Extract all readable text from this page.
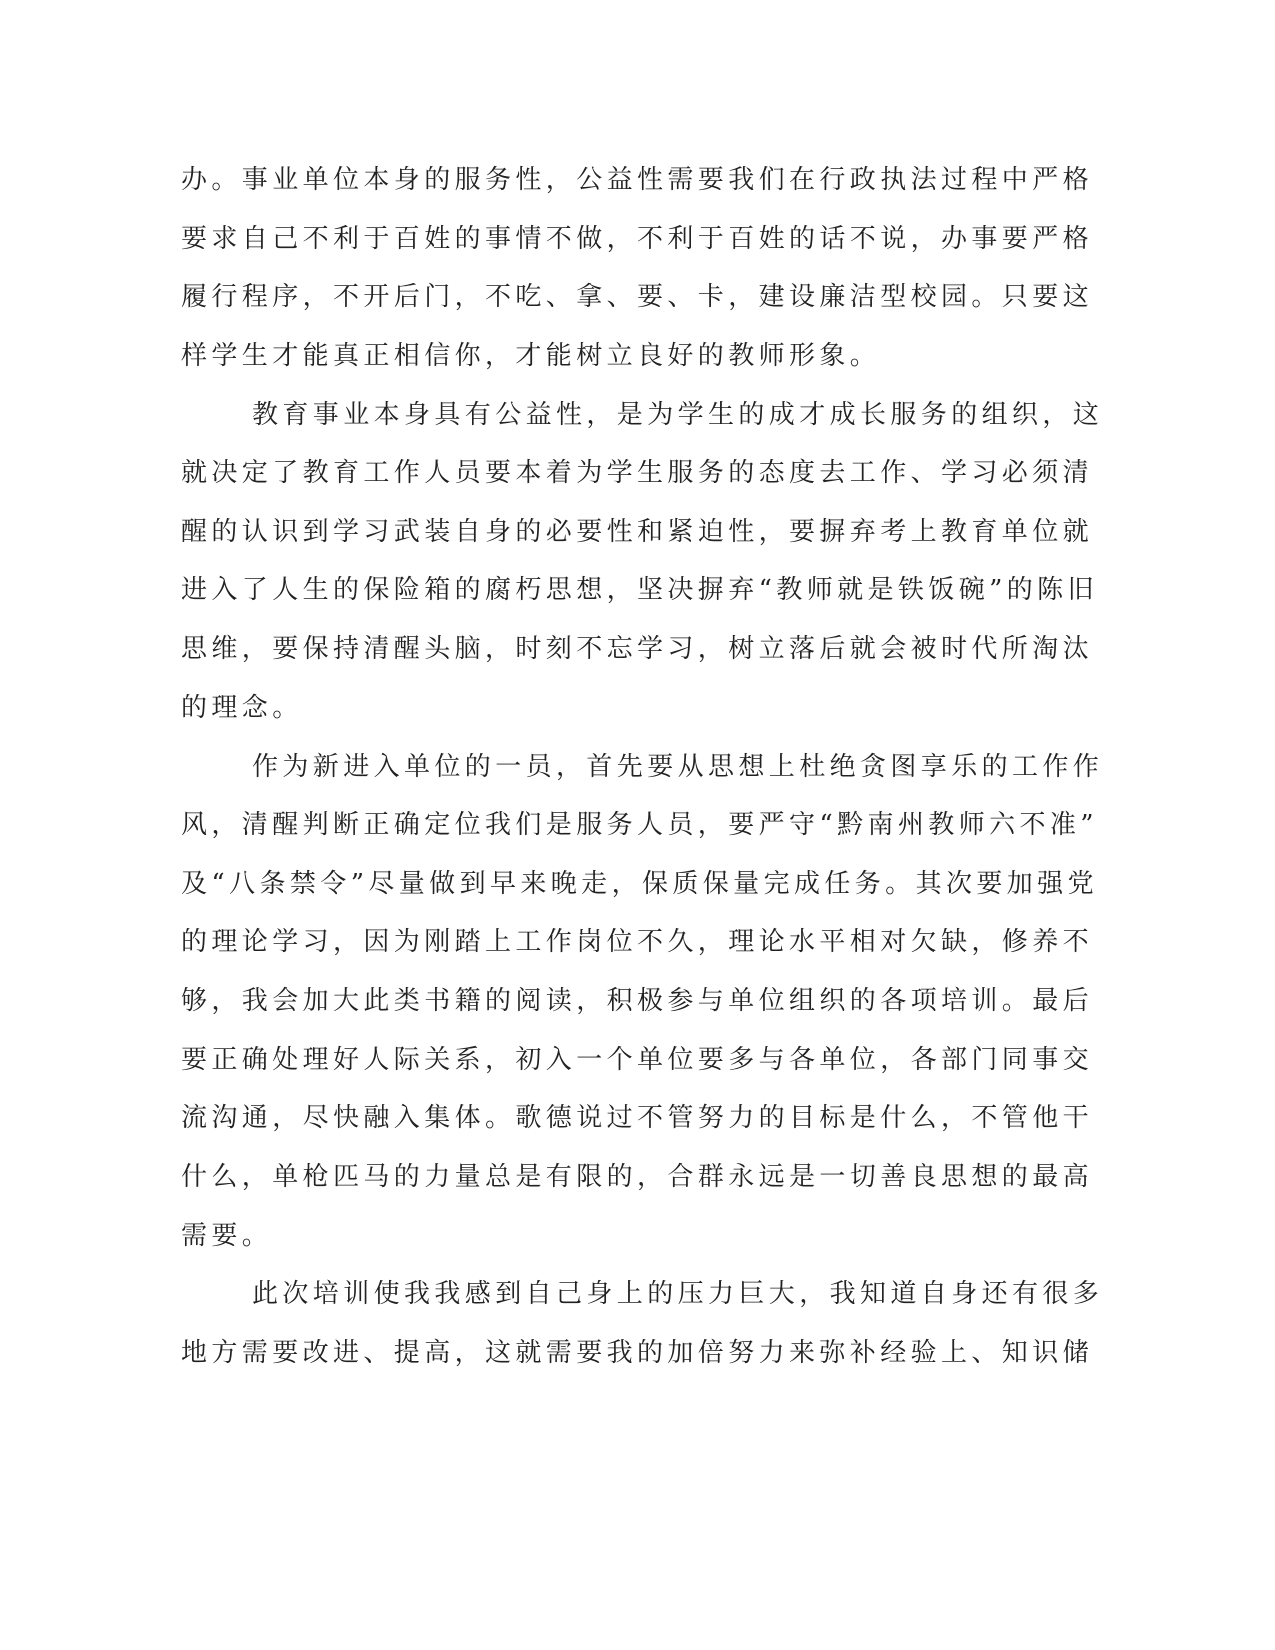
办。事业单位本身的服务性，公益性需要我们在行政执法过程中严格
要求自己不利于百姓的事情不做，不利于百姓的话不说，办事要严格
履行程序，不开后门，不吃、拿、要、卡，建设廉洁型校园。只要这
样学生才能真正相信你，才能树立良好的教师形象。
教育事业本身具有公益性，是为学生的成才成长服务的组织，这
就决定了教育工作人员要本着为学生服务的态度去工作、学习必须清
醒的认识到学习武装自身的必要性和紧迫性，要摒弃考上教育单位就
进入了人生的保险箱的腐朽思想，坚决摒弃“教师就是铁饭碗”的陈旧
思维，要保持清醒头脑，时刻不忘学习，树立落后就会被时代所淘汰
的理念。
作为新进入单位的一员，首先要从思想上杜绝贪图享乐的工作作
风，清醒判断正确定位我们是服务人员，要严守“黔南州教师六不准”
及“八条禁令”尽量做到早来晚走，保质保量完成任务。其次要加强党
的理论学习，因为刚踏上工作岗位不久，理论水平相对欠缺，修养不
够，我会加大此类书籍的阅读，积极参与单位组织的各项培训。最后
要正确处理好人际关系，初入一个单位要多与各单位，各部门同事交
流沟通，尽快融入集体。歌德说过不管努力的目标是什么，不管他干
什么，单枪匹马的力量总是有限的，合群永远是一切善良思想的最高
需要。
此次培训使我我感到自己身上的压力巨大，我知道自身还有很多
地方需要改进、提高，这就需要我的加倍努力来弥补经验上、知识储
